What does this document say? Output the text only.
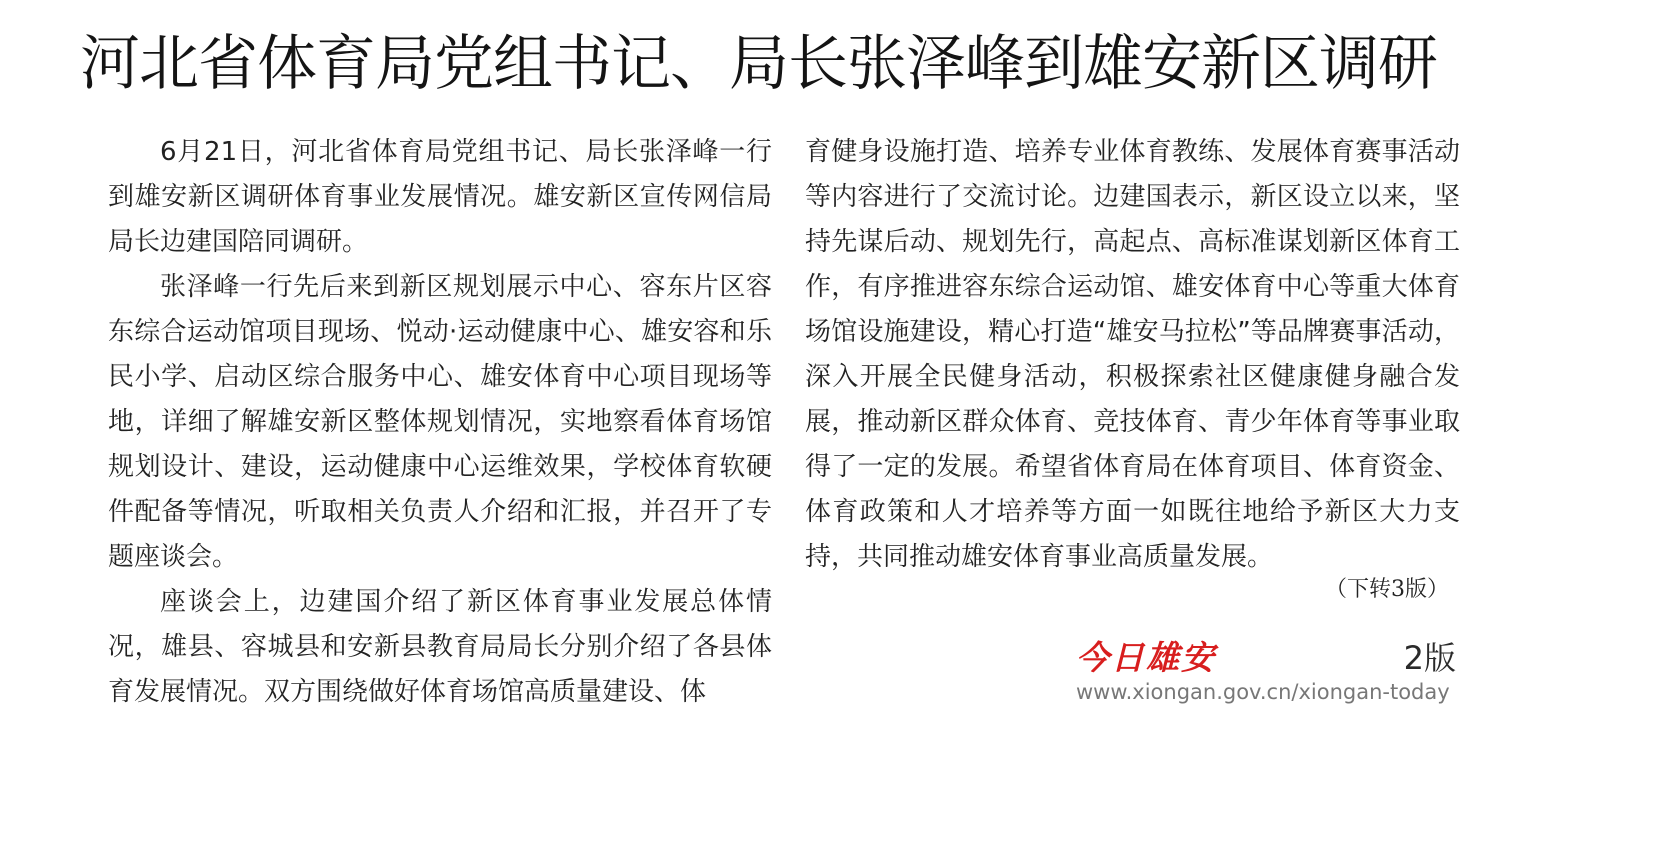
河北省体育局党组书记、局长张泽峰到雄安新区调研

6月21日，河北省体育局党组书记、局长张泽峰一行到雄安新区调研体育事业发展情况。雄安新区宣传网信局局长边建国陪同调研。

张泽峰一行先后来到新区规划展示中心、容东片区容东综合运动馆项目现场、悦动·运动健康中心、雄安容和乐民小学、启动区综合服务中心、雄安体育中心项目现场等地，详细了解雄安新区整体规划情况，实地察看体育场馆规划设计、建设，运动健康中心运维效果，学校体育软硬件配备等情况，听取相关负责人介绍和汇报，并召开了专题座谈会。

座谈会上，边建国介绍了新区体育事业发展总体情况，雄县、容城县和安新县教育局局长分别介绍了各县体育发展情况。双方围绕做好体育场馆高质量建设、体

育健身设施打造、培养专业体育教练、发展体育赛事活动等内容进行了交流讨论。边建国表示，新区设立以来，坚持先谋后动、规划先行，高起点、高标准谋划新区体育工作，有序推进容东综合运动馆、雄安体育中心等重大体育场馆设施建设，精心打造“雄安马拉松”等品牌赛事活动，深入开展全民健身活动，积极探索社区健康健身融合发展，推动新区群众体育、竞技体育、青少年体育等事业取得了一定的发展。希望省体育局在体育项目、体育资金、体育政策和人才培养等方面一如既往地给予新区大力支持，共同推动雄安体育事业高质量发展。

（下转3版）
今日雄安	2版
www.xiongan.gov.cn/xiongan-today
